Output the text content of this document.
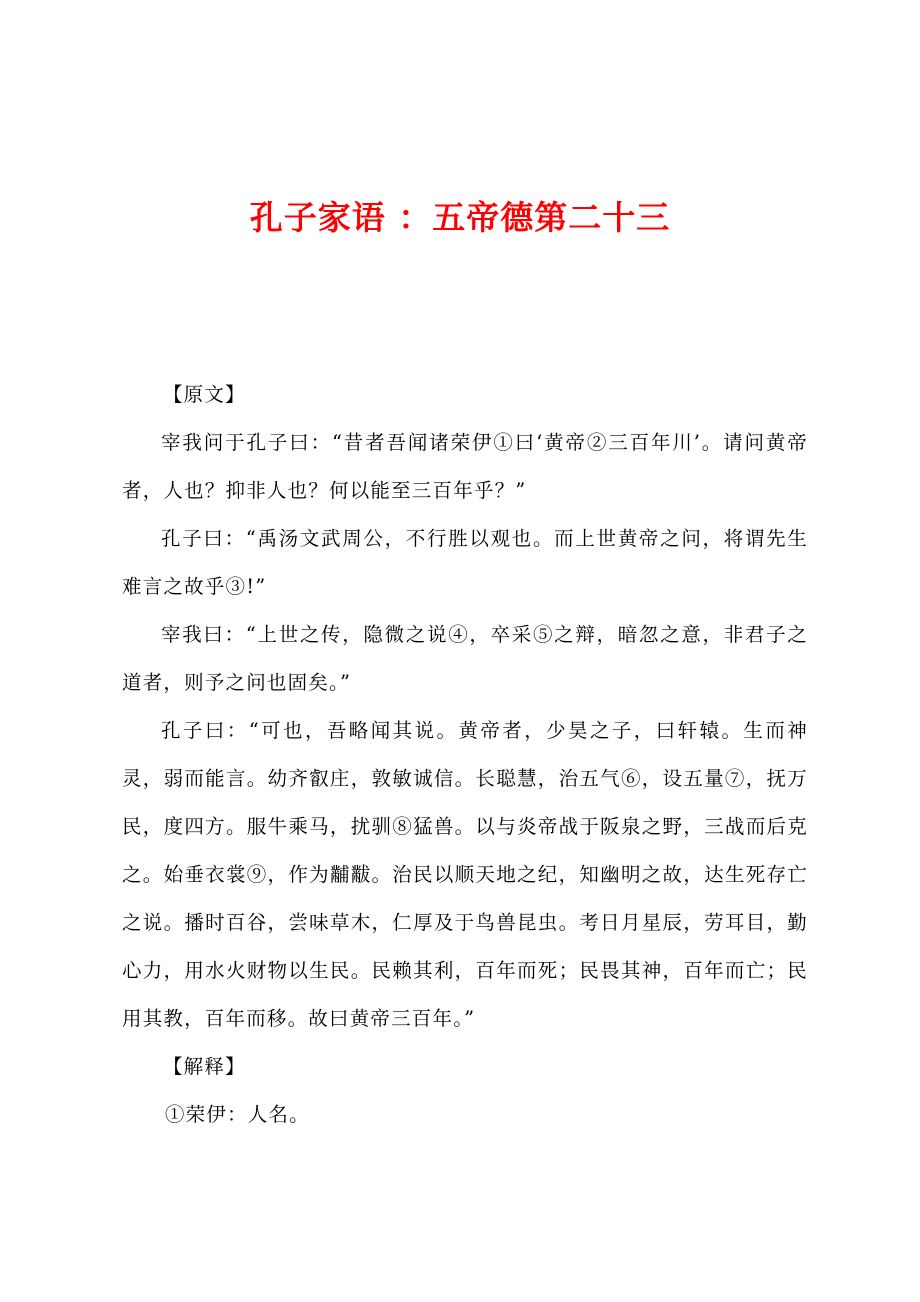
孔子家语 ：五帝德第二十三

【原文】

宰我问于孔子曰：“昔者吾闻诸荣伊①曰‘黄帝②三百年川’。请问黄帝者，人也？抑非人也？何以能至三百年乎？”

孔子曰：“禹汤文武周公，不行胜以观也。而上世黄帝之问，将谓先生难言之故乎③!”

宰我曰：“上世之传，隐微之说④，卒采⑤之辩，暗忽之意，非君子之道者，则予之问也固矣。”

孔子曰：“可也，吾略闻其说。黄帝者，少昊之子，曰轩辕。生而神灵，弱而能言。幼齐叡庄，敦敏诚信。长聪慧，治五气⑥，设五量⑦，抚万民，度四方。服牛乘马，扰驯⑧猛兽。以与炎帝战于阪泉之野，三战而后克之。始垂衣裳⑨，作为黼黻。治民以顺天地之纪，知幽明之故，达生死存亡之说。播时百谷，尝味草木，仁厚及于鸟兽昆虫。考日月星辰，劳耳目，勤心力，用水火财物以生民。民赖其利，百年而死；民畏其神，百年而亡；民用其教，百年而移。故曰黄帝三百年。”

【解释】

①荣伊：人名。
